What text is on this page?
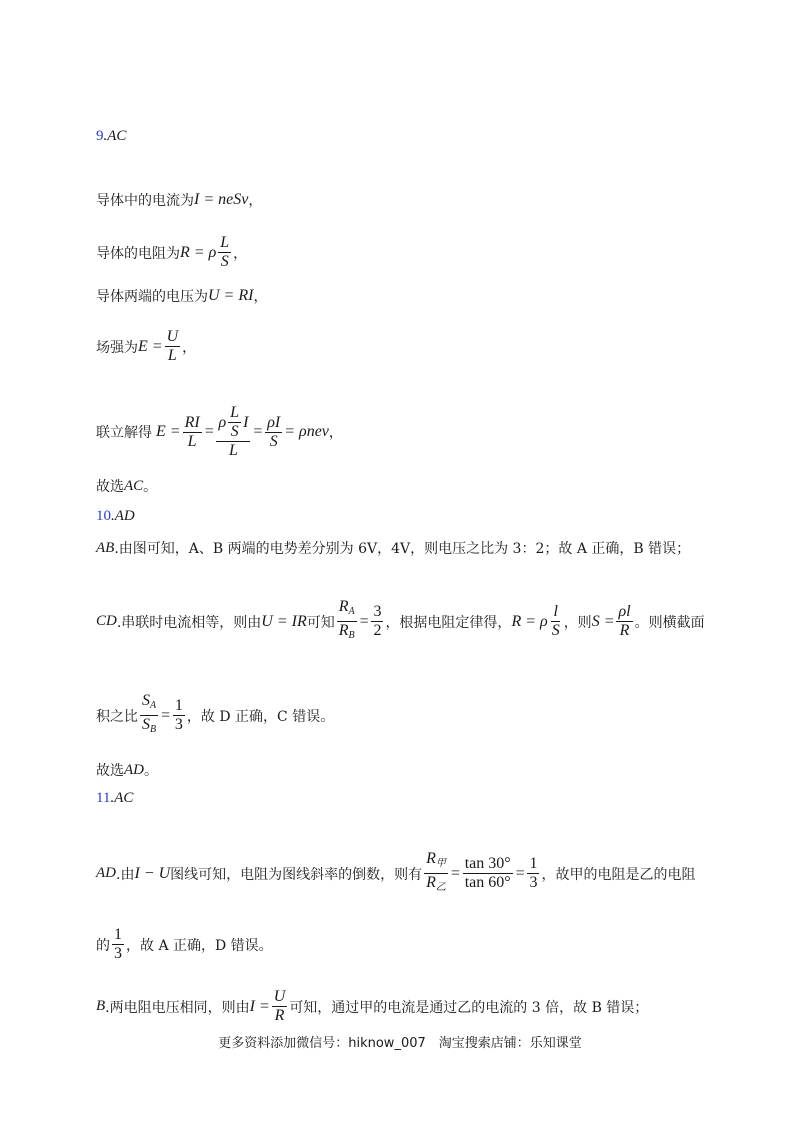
9 .AC
导体中的电流为 I = neSv ，
导体的电阻为 R = ρ $\frac{L}{S}$ ，
导体两端的电压为 U = RI ，
场强为 $E = \frac{U}{L}$ ，
联立解得 $E = \frac{RI}{L} = \frac{\rho \frac{L}{S} I}{L} = \frac{\rho I}{S} = \rho nev$ ，
故选 AC 。
10 .AD
AB .由图可知，A、B 两端的电势差分别为 6V，4V，则电压之比为 3：2；故 A 正确，B 错误；
CD .串联时电流相等，则由 U = IR 可知 $\frac{R_A}{R_B} = \frac{3}{2}$ ，根据电阻定律得， R = ρ $\frac{l}{S}$ ，则 $S = \frac{\rho l}{R}$ 。则横截面
积之比 $\frac{S_A}{S_B} = \frac{1}{3}$ ，故 D 正确，C 错误。
故选 AD 。
11 .AC
AD .由 I − U 图线可知，电阻为图线斜率的倒数，则有 $\frac{R_甲}{R_乙} = \frac{\tan 30^\circ}{\tan 60^\circ} = \frac{1}{3}$ ，故甲的电阻是乙的电阻
的 $\frac{1}{3}$ ，故 A 正确，D 错误。
B .两电阻电压相同，则由 $I = \frac{U}{R}$ 可知，通过甲的电流是通过乙的电流的 3 倍，故 B 错误；
更多资料添加微信号：hiknow_007　淘宝搜索店铺：乐知课堂
